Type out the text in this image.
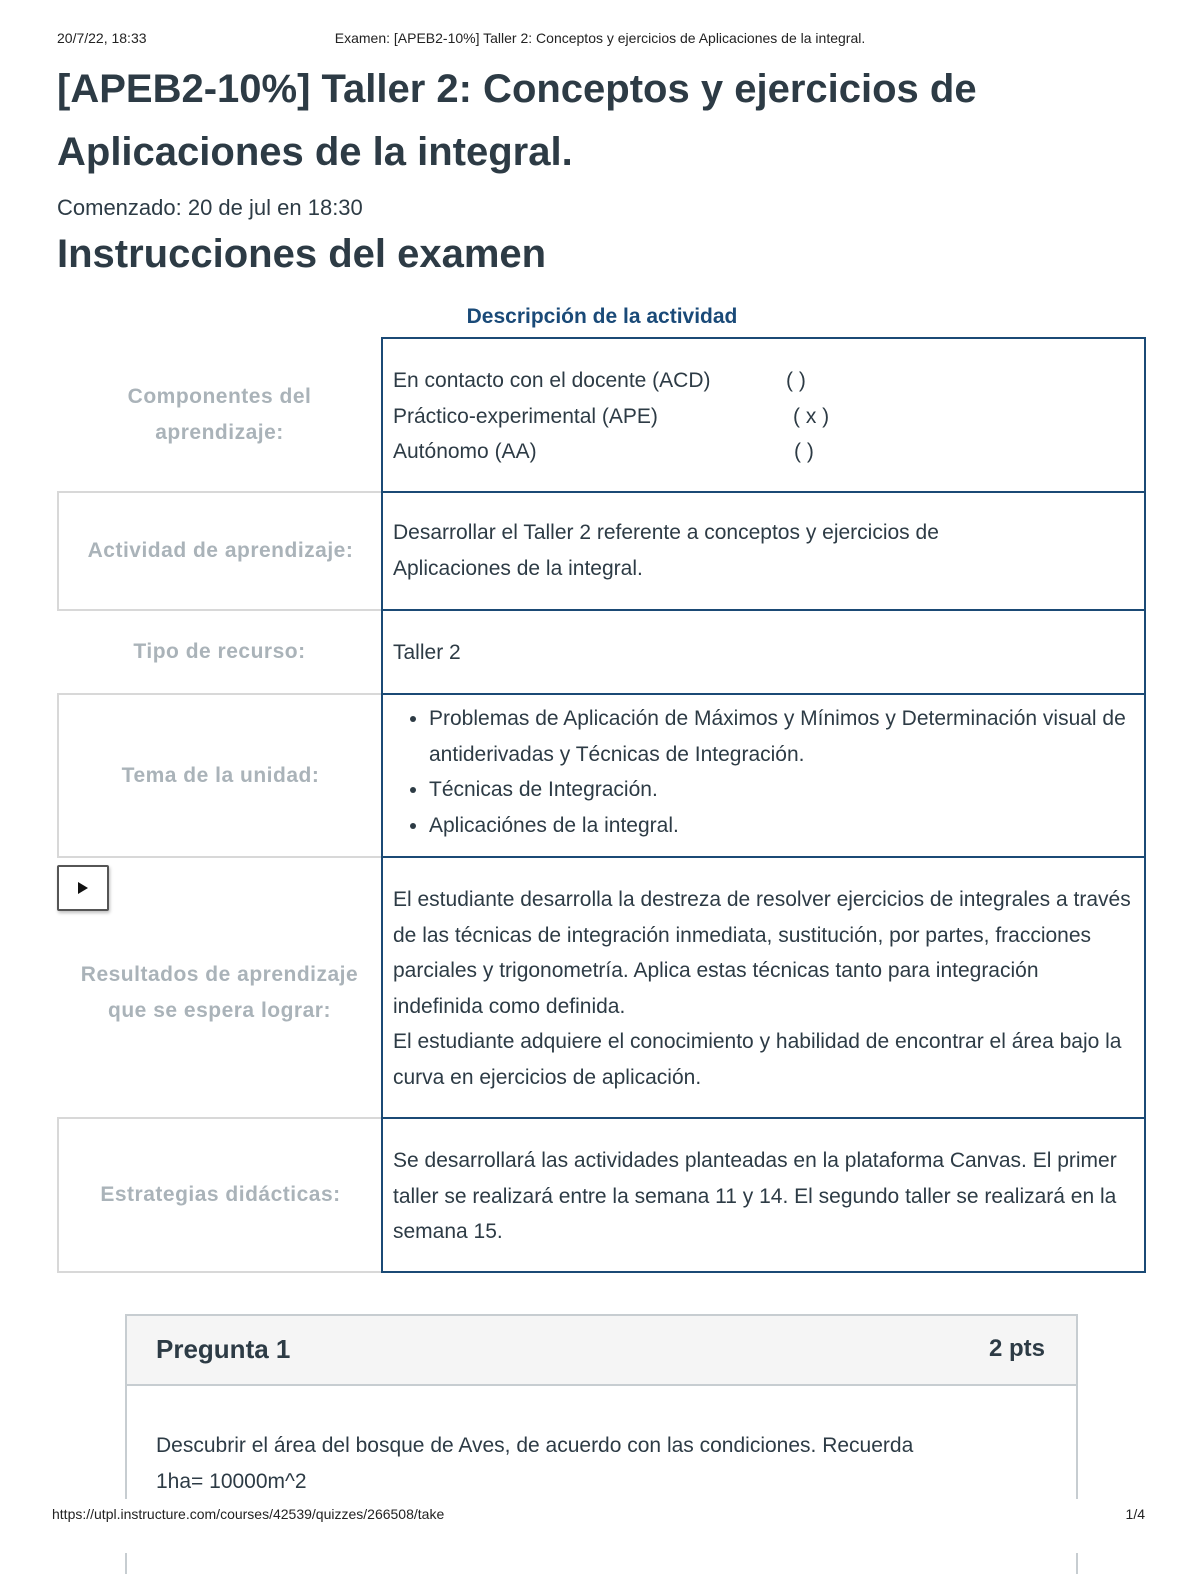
20/7/22, 18:33	Examen: [APEB2-10%] Taller 2: Conceptos y ejercicios de Aplicaciones de la integral.
[APEB2-10%] Taller 2: Conceptos y ejercicios de Aplicaciones de la integral.
Comenzado: 20 de jul en 18:30
Instrucciones del examen
Descripción de la actividad
Componentes del aprendizaje:
En contacto con el docente (ACD)	( )
Práctico-experimental (APE)	( x )
Autónomo (AA)	( )
Actividad de aprendizaje:
Desarrollar el Taller 2 referente a conceptos y ejercicios de Aplicaciones de la integral.
Tipo de recurso:	Taller 2
Tema de la unidad:
• Problemas de Aplicación de Máximos y Mínimos y Determinación visual de antiderivadas y Técnicas de Integración.
• Técnicas de Integración.
• Aplicaciónes de la integral.
Resultados de aprendizaje que se espera lograr:
El estudiante desarrolla la destreza de resolver ejercicios de integrales a través de las técnicas de integración inmediata, sustitución, por partes, fracciones parciales y trigonometría. Aplica estas técnicas tanto para integración indefinida como definida.
El estudiante adquiere el conocimiento y habilidad de encontrar el área bajo la curva en ejercicios de aplicación.
Estrategias didácticas:
Se desarrollará las actividades planteadas en la plataforma Canvas. El primer taller se realizará entre la semana 11 y 14. El segundo taller se realizará en la semana 15.
Pregunta 1	2 pts
Descubrir el área del bosque de Aves, de acuerdo con las condiciones. Recuerda
1ha= 10000m^2
https://utpl.instructure.com/courses/42539/quizzes/266508/take	1/4
